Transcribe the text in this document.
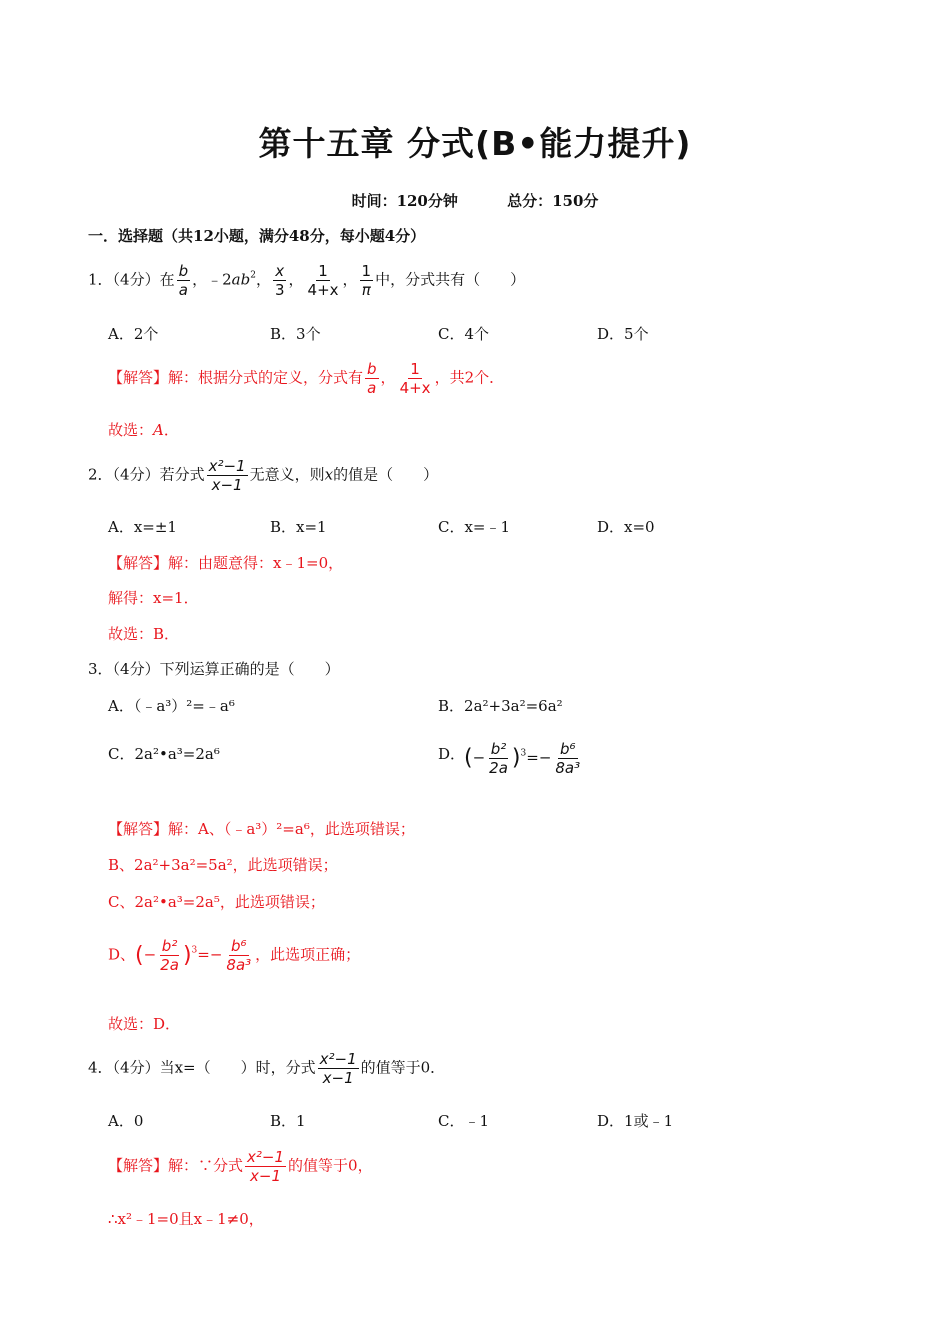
第十五章 分式(B•能力提升)
时间：120分钟	总分：150分
一．选择题（共12小题，满分48分，每小题4分）
1．（4分）在 $\frac{b}{a}$ ，$﹣2ab^2$， $\frac{x}{3}$ ， $\frac{1}{4+x}$ ， $\frac{1}{\pi}$ 中，分式共有（　　）
A．2个	B．3个	C．4个	D．5个
【解答】解：根据分式的定义，分式有 $\frac{b}{a}$ ， $\frac{1}{4+x}$ ，共2个．
故选：A．
2．（4分）若分式 $\frac{\text{x²−1}}{x-1}$ 无意义，则x的值是（　　）
A．x=±1	B．x=1	C．x=﹣1	D．x=0
【解答】解：由题意得：x﹣1=0，
解得：x=1．
故选：B．
3．（4分）下列运算正确的是（　　）
A．（﹣a³）²=﹣a⁶	B．2a²+3a²=6a²
C．2a²•a³=2a⁶	D．
(− $\frac{\text{b²}}{2a} )^3=- \frac{\text{b⁶}}{\text{8a³}}$
【解答】解：A、（﹣a³）²=a⁶，此选项错误；
B、2a²+3a²=5a²，此选项错误；
C、2a²•a³=2a⁵，此选项错误；
D、(− $\frac{\text{b²}}{2a} )^3=- \frac{\text{b⁶}}{\text{8a³}}$ ，此选项正确；
故选：D．
4．（4分）当x=（　　）时，分式 $\frac{\text{x²−1}}{x-1}$ 的值等于0．
A．0	B．1	C．﹣1	D．1或﹣1
【解答】解：∵分式 $\frac{\text{x²−1}}{x-1}$ 的值等于0，
∴x²﹣1=0且x﹣1≠0，
